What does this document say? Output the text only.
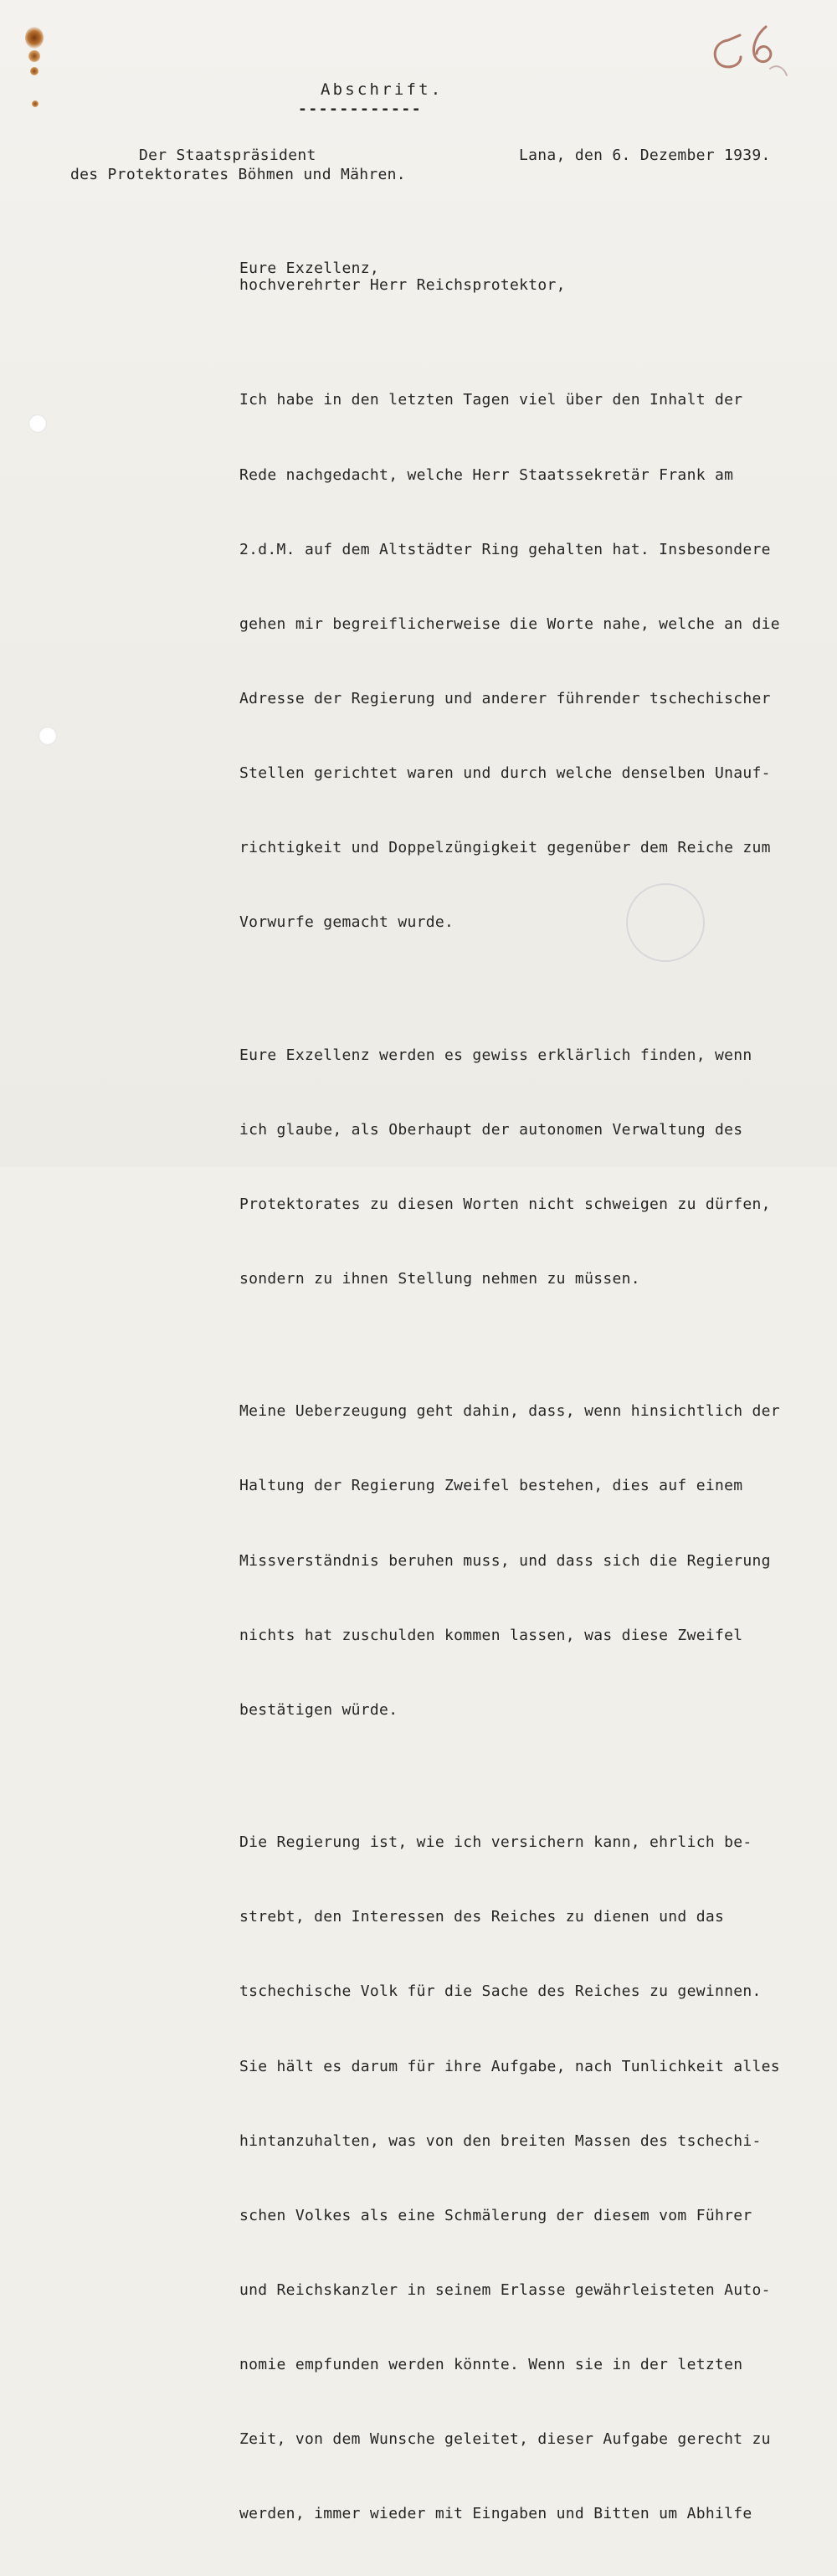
Abschrift.
------------
Der Staatspräsident
des Protektorates Böhmen und Mähren.
Lana, den 6. Dezember 1939.
Eure Exzellenz,
hochverehrter Herr Reichsprotektor,

Ich habe in den letzten Tagen viel über den Inhalt der

Rede nachgedacht, welche Herr Staatssekretär Frank am

2.d.M. auf dem Altstädter Ring gehalten hat. Insbesondere

gehen mir begreiflicherweise die Worte nahe, welche an die

Adresse der Regierung und anderer führender tschechischer

Stellen gerichtet waren und durch welche denselben Unauf-

richtigkeit und Doppelzüngigkeit gegenüber dem Reiche zum

Vorwurfe gemacht wurde.

Eure Exzellenz werden es gewiss erklärlich finden, wenn

ich glaube, als Oberhaupt der autonomen Verwaltung des

Protektorates zu diesen Worten nicht schweigen zu dürfen,

sondern zu ihnen Stellung nehmen zu müssen.

Meine Ueberzeugung geht dahin, dass, wenn hinsichtlich der

Haltung der Regierung Zweifel bestehen, dies auf einem

Missverständnis beruhen muss, und dass sich die Regierung

nichts hat zuschulden kommen lassen, was diese Zweifel

bestätigen würde.

Die Regierung ist, wie ich versichern kann, ehrlich be-

strebt, den Interessen des Reiches zu dienen und das

tschechische Volk für die Sache des Reiches zu gewinnen.

Sie hält es darum für ihre Aufgabe, nach Tunlichkeit alles

hintanzuhalten, was von den breiten Massen des tschechi-

schen Volkes als eine Schmälerung der diesem vom Führer

und Reichskanzler in seinem Erlasse gewährleisteten Auto-

nomie empfunden werden könnte. Wenn sie in der letzten

Zeit, von dem Wunsche geleitet, dieser Aufgabe gerecht zu

werden, immer wieder mit Eingaben und Bitten um Abhilfe
